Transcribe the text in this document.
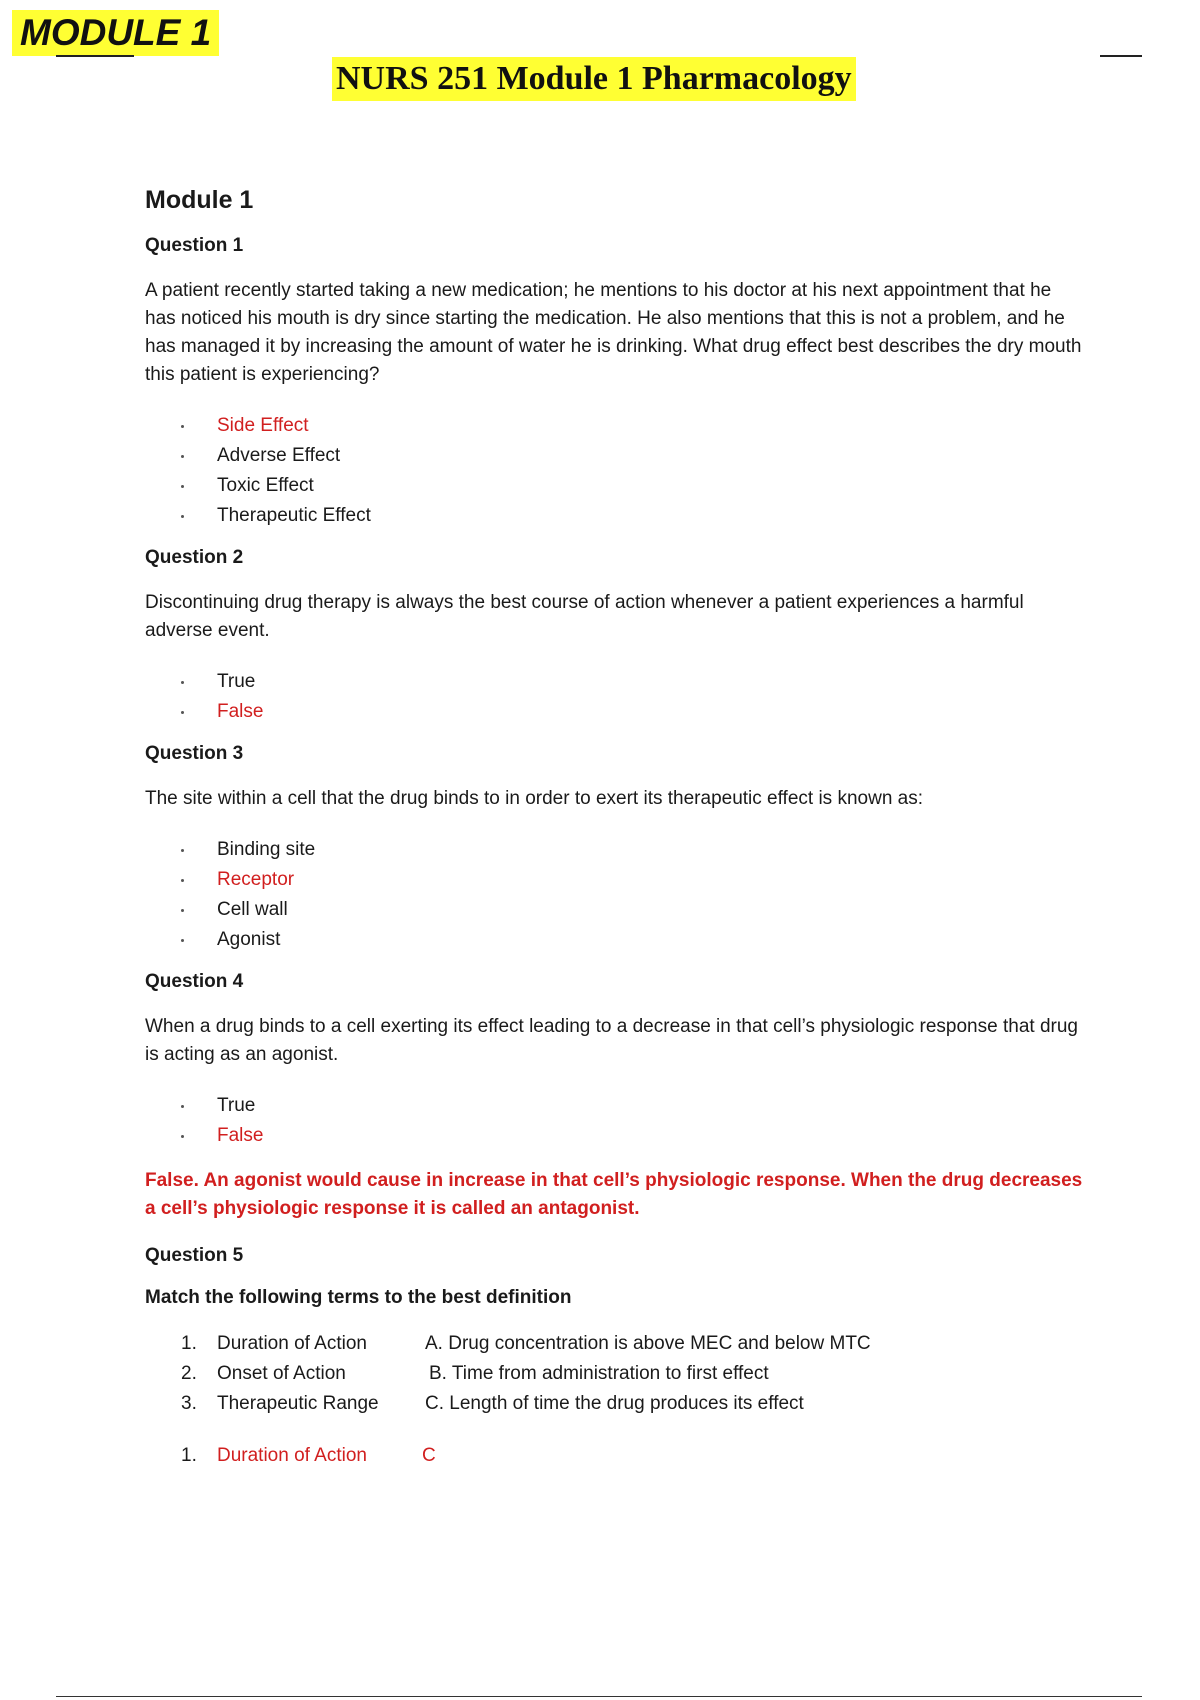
MODULE 1
NURS 251 Module 1 Pharmacology
Module 1
Question 1
A patient recently started taking a new medication; he mentions to his doctor at his next appointment that he has noticed his mouth is dry since starting the medication. He also mentions that this is not a problem, and he has managed it by increasing the amount of water he is drinking. What drug effect best describes the dry mouth this patient is experiencing?
Side Effect
Adverse Effect
Toxic Effect
Therapeutic Effect
Question 2
Discontinuing drug therapy is always the best course of action whenever a patient experiences a harmful adverse event.
True
False
Question 3
The site within a cell that the drug binds to in order to exert its therapeutic effect is known as:
Binding site
Receptor
Cell wall
Agonist
Question 4
When a drug binds to a cell exerting its effect leading to a decrease in that cell’s physiologic response that drug is acting as an agonist.
True
False
False. An agonist would cause in increase in that cell’s physiologic response. When the drug decreases a cell’s physiologic response it is called an antagonist.
Question 5
Match the following terms to the best definition
1.	Duration of Action	A. Drug concentration is above MEC and below MTC
2.	Onset of Action	B. Time from administration to first effect
3.	Therapeutic Range	C. Length of time the drug produces its effect
1.	Duration of Action	C
